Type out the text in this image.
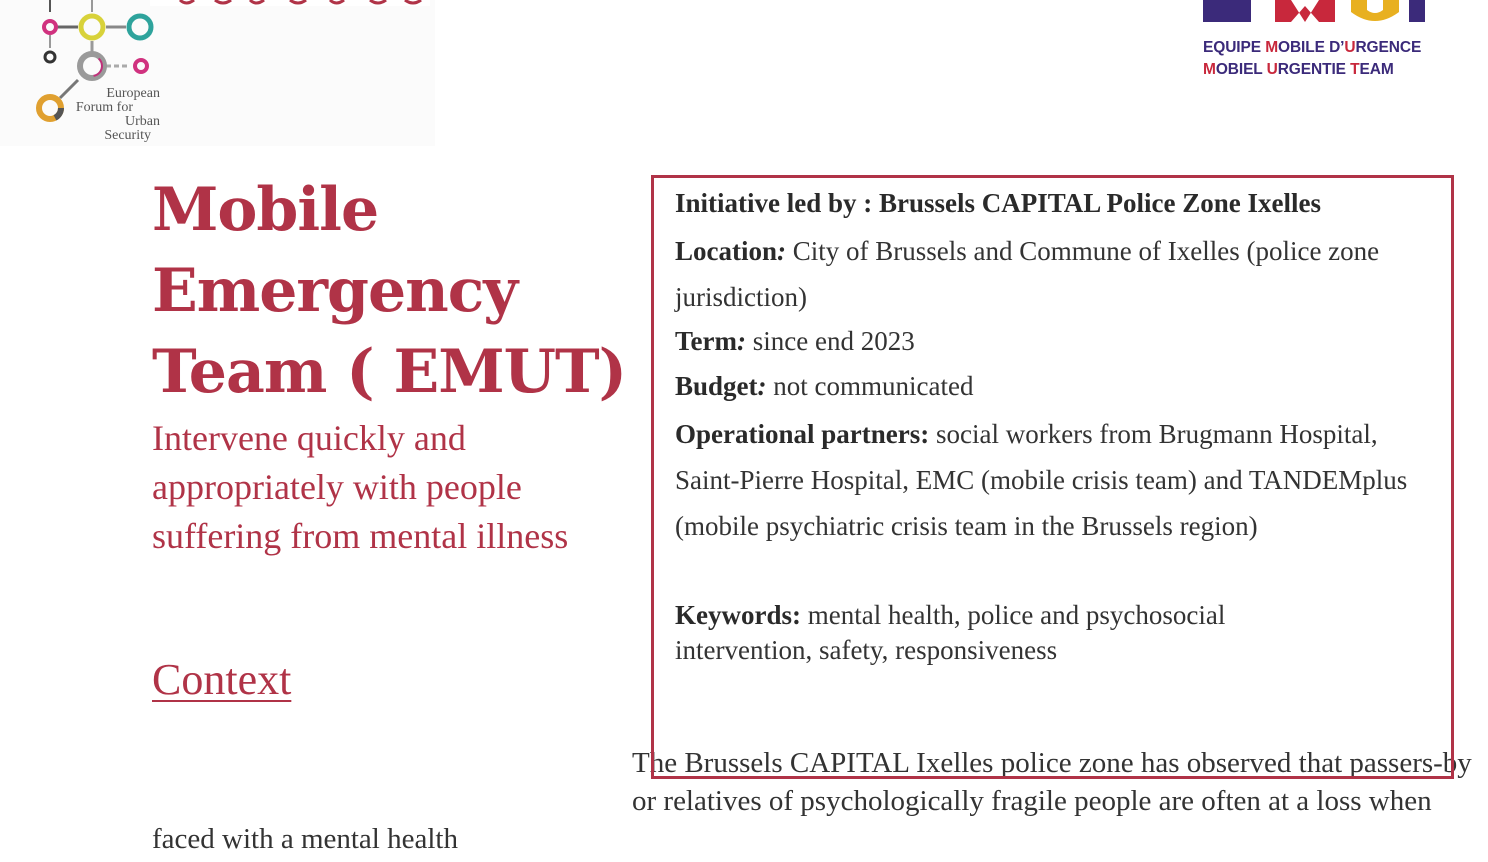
European
Forum for
Urban
Security
EMUT
EQUIPE MOBILE D’URGENCE
MOBIEL URGENTIE TEAM
Mobile Emergency Team ( EMUT)
Intervene quickly and appropriately with people suffering from mental illness
Context

The Brussels CAPITAL Ixelles police zone has observed that passers-by or relatives of psychologically fragile people are often at a loss when faced with a mental health

Initiative led by : Brussels CAPITAL Police Zone Ixelles

Location: City of Brussels and Commune of Ixelles (police zone jurisdiction)

Term: since end 2023

Budget: not communicated

Operational partners: social workers from Brugmann Hospital, Saint-Pierre Hospital, EMC (mobile crisis team) and TANDEMplus (mobile psychiatric crisis team in the Brussels region)

Keywords: mental health, police and psychosocial intervention, safety, responsiveness
